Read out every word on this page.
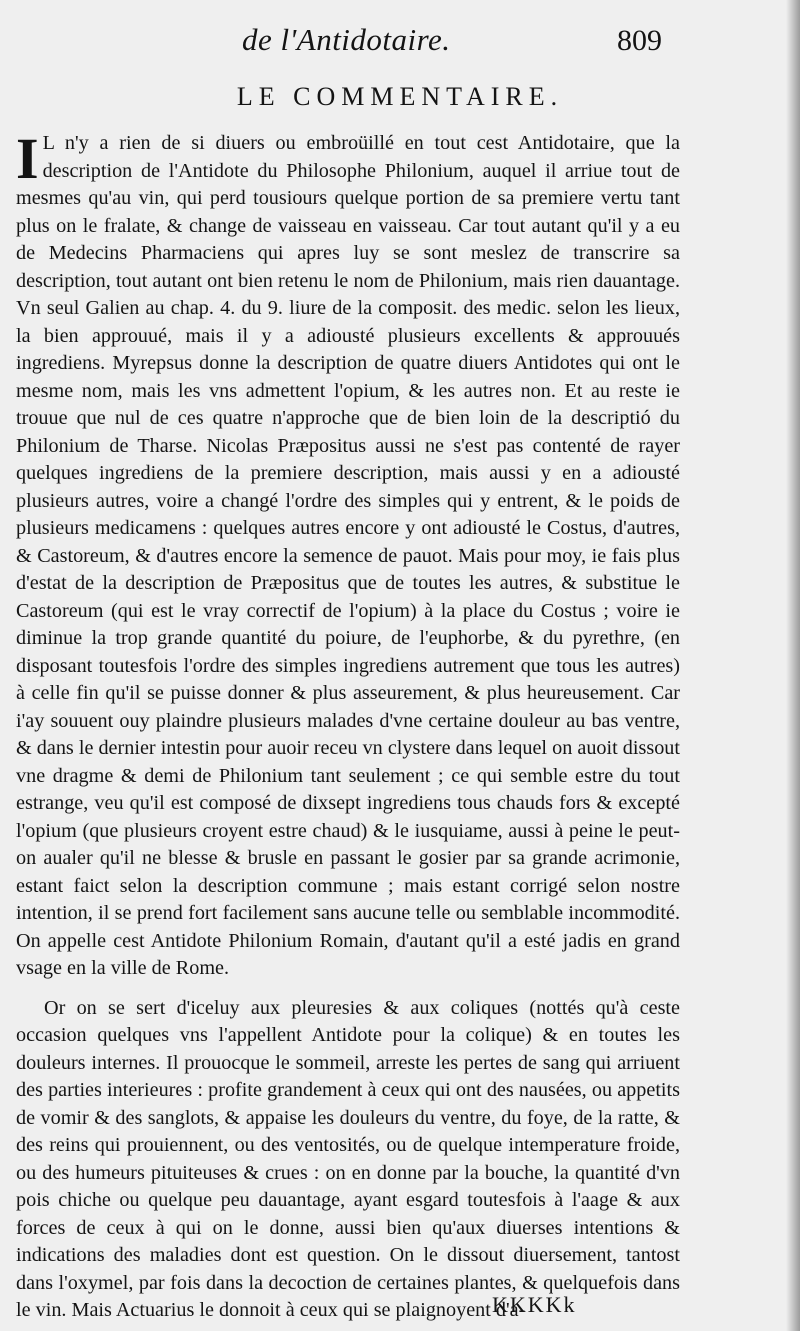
de l'Antidotaire.	809
LE COMMENTAIRE.

I L n'y a rien de si diuers ou embroüillé en tout cest Antidotaire, que la description de l'Antidote du Philosophe Philonium, auquel il arriue tout de mesmes qu'au vin, qui perd tousiours quelque portion de sa premiere vertu tant plus on le fralate, & change de vaisseau en vaisseau. Car tout autant qu'il y a eu de Medecins Pharmaciens qui apres luy se sont meslez de transcrire sa description, tout autant ont bien retenu le nom de Philonium, mais rien dauantage. Vn seul Galien au chap. 4. du 9. liure de la composit. des medic. selon les lieux, la bien approuué, mais il y a adiousté plusieurs excellents & approuués ingrediens. Myrepsus donne la description de quatre diuers Antidotes qui ont le mesme nom, mais les vns admettent l'opium, & les autres non. Et au reste ie trouue que nul de ces quatre n'approche que de bien loin de la descriptió du Philonium de Tharse. Nicolas Præpositus aussi ne s'est pas contenté de rayer quelques ingrediens de la premiere description, mais aussi y en a adiousté plusieurs autres, voire a changé l'ordre des simples qui y entrent, & le poids de plusieurs medicamens : quelques autres encore y ont adiousté le Costus, d'autres, & Castoreum, & d'autres encore la semence de pauot. Mais pour moy, ie fais plus d'estat de la description de Præpositus que de toutes les autres, & substitue le Castoreum (qui est le vray correctif de l'opium) à la place du Costus ; voire ie diminue la trop grande quantité du poiure, de l'euphorbe, & du pyrethre, (en disposant toutesfois l'ordre des simples ingrediens autrement que tous les autres) à celle fin qu'il se puisse donner & plus asseurement, & plus heureusement. Car i'ay souuent ouy plaindre plusieurs malades d'vne certaine douleur au bas ventre, & dans le dernier intestin pour auoir receu vn clystere dans lequel on auoit dissout vne dragme & demi de Philonium tant seulement ; ce qui semble estre du tout estrange, veu qu'il est composé de dixsept ingrediens tous chauds fors & excepté l'opium (que plusieurs croyent estre chaud) & le iusquiame, aussi à peine le peut-on aualer qu'il ne blesse & brusle en passant le gosier par sa grande acrimonie, estant faict selon la description commune ; mais estant corrigé selon nostre intention, il se prend fort facilement sans aucune telle ou semblable incommodité. On appelle cest Antidote Philonium Romain, d'autant qu'il a esté jadis en grand vsage en la ville de Rome.

Or on se sert d'iceluy aux pleuresies & aux coliques (nottés qu'à ceste occasion quelques vns l'appellent Antidote pour la colique) & en toutes les douleurs internes. Il prouocque le sommeil, arreste les pertes de sang qui arriuent des parties interieures : profite grandement à ceux qui ont des nausées, ou appetits de vomir & des sanglots, & appaise les douleurs du ventre, du foye, de la ratte, & des reins qui prouiennent, ou des ventosités, ou de quelque intemperature froide, ou des humeurs pituiteuses & crues : on en donne par la bouche, la quantité d'vn pois chiche ou quelque peu dauantage, ayant esgard toutesfois à l'aage & aux forces de ceux à qui on le donne, aussi bien qu'aux diuerses intentions & indications des maladies dont est question. On le dissout diuersement, tantost dans l'oxymel, par fois dans la decoction de certaines plantes, & quelquefois dans le vin. Mais Actuarius le donnoit à ceux qui se plaignoyent d'a-

KKKKk
